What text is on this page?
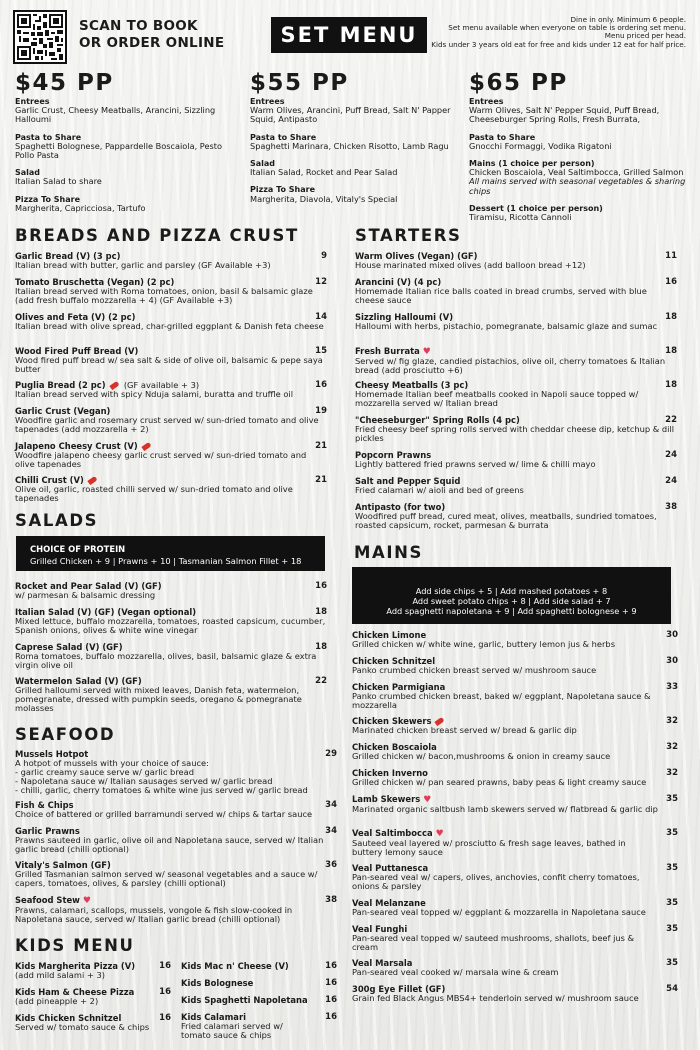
SCAN TO BOOK
OR ORDER ONLINE	SET MENU
Dine in only. Minimum 6 people.
Set menu available when everyone on table is ordering set menu.
Menu priced per head.
Kids under 3 years old eat for free and kids under 12 eat for half price.
$45 PP
Entrees
Garlic Crust, Cheesy Meatballs, Arancini, Sizzling Halloumi
Pasta to Share
Spaghetti Bolognese, Pappardelle Boscaiola, Pesto Pollo Pasta
Salad
Italian Salad to share
Pizza To Share
Margherita, Capricciosa, Tartufo
$55 PP
Entrees
Warm Olives, Arancini, Puff Bread, Salt N' Papper Squid, Antipasto
Pasta to Share
Spaghetti Marinara, Chicken Risotto, Lamb Ragu
Salad
Italian Salad, Rocket and Pear Salad
Pizza To Share
Margherita, Diavola, Vitaly's Special
$65 PP
Entrees
Warm Olives, Salt N' Pepper Squid, Puff Bread, Cheeseburger Spring Rolls, Fresh Burrata,
Pasta to Share
Gnocchi Formaggi, Vodika Rigatoni
Mains (1 choice per person)
Chicken Boscaiola, Veal Saltimbocca, Grilled Salmon
All mains served with seasonal vegetables & sharing chips
Dessert (1 choice per person)
Tiramisu, Ricotta Cannoli
BREADS AND PIZZA CRUST
Garlic Bread (V) (3 pc)
Italian bread with butter, garlic and parsley (GF Available +3)
9
Tomato Bruschetta (Vegan) (2 pc)
Italian bread served with Roma tomatoes, onion, basil & balsamic glaze (add fresh buffalo mozzarella + 4) (GF Available +3)
12
Olives and Feta (V) (2 pc)
Italian bread with olive spread, char-grilled eggplant & Danish feta cheese
14
Wood Fired Puff Bread (V)
Wood fired puff bread w/ sea salt & side of olive oil, balsamic & pepe saya butter
15
Puglia Bread (2 pc) (GF available + 3)
Italian bread served with spicy Nduja salami, buratta and truffle oil
16
Garlic Crust (Vegan)
Woodfire garlic and rosemary crust served w/ sun-dried tomato and olive tapenades (add mozzarella + 2)
19
Jalapeno Cheesy Crust (V)
Woodfire jalapeno cheesy garlic crust served w/ sun-dried tomato and olive tapenades
21
Chilli Crust (V)
Olive oil, garlic, roasted chilli served w/ sun-dried tomato and olive tapenades
21
SALADS
CHOICE OF PROTEIN
Grilled Chicken + 9 | Prawns + 10 | Tasmanian Salmon Fillet + 18
Rocket and Pear Salad (V) (GF)
w/ parmesan & balsamic dressing
16
Italian Salad (V) (GF) (Vegan optional)
Mixed lettuce, buffalo mozzarella, tomatoes, roasted capsicum, cucumber, Spanish onions, olives & white wine vinegar
18
Caprese Salad (V) (GF)
Roma tomatoes, buffalo mozzarella, olives, basil, balsamic glaze & extra virgin olive oil
18
Watermelon Salad (V) (GF)
Grilled halloumi served with mixed leaves, Danish feta, watermelon, pomegranate, dressed with pumpkin seeds, oregano & pomegranate molasses
22
SEAFOOD
Mussels Hotpot
A hotpot of mussels with your choice of sauce:
- garlic creamy sauce serve w/ garlic bread
- Napoletana sauce w/ Italian sausages served w/ garlic bread
- chilli, garlic, cherry tomatoes & white wine jus served w/ garlic bread
29
Fish & Chips
Choice of battered or grilled barramundi served w/ chips & tartar sauce
34
Garlic Prawns
Prawns sauteed in garlic, olive oil and Napoletana sauce, served w/ Italian garlic bread (chilli optional)
34
Vitaly's Salmon (GF)
Grilled Tasmanian salmon served w/ seasonal vegetables and a sauce w/ capers, tomatoes, olives, & parsley (chilli optional)
36
Seafood Stew ♥
Prawns, calamari, scallops, mussels, vongole & fish slow-cooked in Napoletana sauce, served w/ Italian garlic bread (chilli optional)
38
KIDS MENU
Kids Margherita Pizza (V)
(add mild salami + 3)
16
Kids Ham & Cheese Pizza
(add pineapple + 2)
16
Kids Chicken Schnitzel
Served w/ tomato sauce & chips
16
Kids Mac n' Cheese (V)	16
Kids Bolognese	16
Kids Spaghetti Napoletana	16
Kids Calamari
Fried calamari served w/ tomato sauce & chips
16
STARTERS
Warm Olives (Vegan) (GF)
House marinated mixed olives (add balloon bread +12)
11
Arancini (V) (4 pc)
Homemade Italian rice balls coated in bread crumbs, served with blue cheese sauce
16
Sizzling Halloumi (V)
Halloumi with herbs, pistachio, pomegranate, balsamic glaze and sumac
18
Fresh Burrata ♥
Served w/ fig glaze, candied pistachios, olive oil, cherry tomatoes & Italian bread (add prosciutto +6)
18
Cheesy Meatballs (3 pc)
Homemade Italian beef meatballs cooked in Napoli sauce topped w/ mozzarella served w/ Italian bread
18
"Cheeseburger" Spring Rolls (4 pc)
Fried cheesy beef spring rolls served with cheddar cheese dip, ketchup & dill pickles
22
Popcorn Prawns
Lightly battered fried prawns served w/ lime & chilli mayo
24
Salt and Pepper Squid
Fried calamari w/ aioli and bed of greens
24
Antipasto (for two)
Woodfired puff bread, cured meat, olives, meatballs, sundried tomatoes, roasted capsicum, rocket, parmesan & burrata
38
MAINS
Add side chips + 5 | Add mashed potatoes + 8
Add sweet potato chips + 8 | Add side salad + 7
Add spaghetti napoletana + 9 | Add spaghetti bolognese + 9
Chicken Limone
Grilled chicken w/ white wine, garlic, buttery lemon jus & herbs
30
Chicken Schnitzel
Panko crumbed chicken breast served w/ mushroom sauce
30
Chicken Parmigiana
Panko crumbed chicken breast, baked w/ eggplant, Napoletana sauce & mozzarella
33
Chicken Skewers
Marinated chicken breast served w/ bread & garlic dip
32
Chicken Boscaiola
Grilled chicken w/ bacon,mushrooms & onion in creamy sauce
32
Chicken Inverno
Grilled chicken w/ pan seared prawns, baby peas & light creamy sauce
32
Lamb Skewers ♥
Marinated organic saltbush lamb skewers served w/ flatbread & garlic dip
35
Veal Saltimbocca ♥
Sauteed veal layered w/ prosciutto & fresh sage leaves, bathed in buttery lemony sauce
35
Veal Puttanesca
Pan-seared veal w/ capers, olives, anchovies, confit cherry tomatoes, onions & parsley
35
Veal Melanzane
Pan-seared veal topped w/ eggplant & mozzarella in Napoletana sauce
35
Veal Funghi
Pan-seared veal topped w/ sauteed mushrooms, shallots, beef jus & cream
35
Veal Marsala
Pan-seared veal cooked w/ marsala wine & cream
35
300g Eye Fillet (GF)
Grain fed Black Angus MBS4+ tenderloin served w/ mushroom sauce
54
